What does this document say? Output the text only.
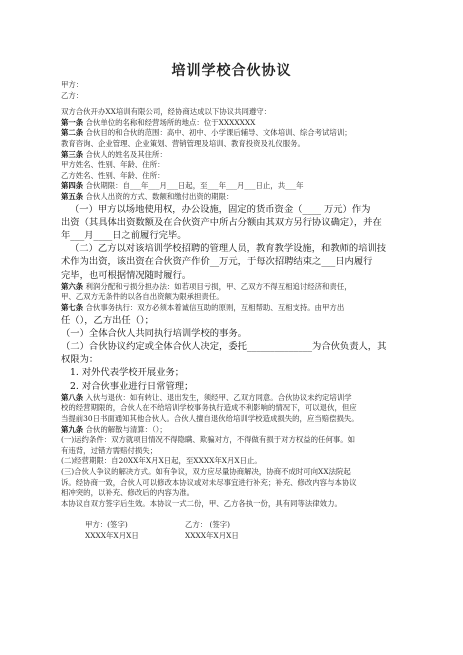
培训学校合伙协议

甲方：

乙方：

双方合伙开办XX培训有限公司，经协商达成以下协议共同遵守：

第一条 合伙单位的名称和经营场所的地点：位于XXXXXXX

第二条 合伙目的和合伙的范围：高中、初中、小学课后辅导、文体培训、综合考试培训；

教育咨询、企业管理、企业策划、营销管理及培训、教育投资及礼仪服务。

第三条 合伙人的姓名及其住所：

甲方姓名、性别、年龄、住所：

乙方姓名、性别、年龄、住所：

第四条 合伙期限：自___年___月___日起，至___年___月___日止，共___年

第五条 合伙人出资的方式、数额和缴付出资的期限：

（一）甲方以场地使用权，办公设施，固定的货币资金（____ 万元）作为

出资（其具体出资数额及在合伙资产中所占分额由其双方另行协议确定），并在

年___月____日之前履行完毕。

（二）乙方以对该培训学校招聘的管理人员，教育教学设施，和教师的培训技

术作为出资，该出资在合伙资产作价__万元，于每次招聘结束之___日内履行

完毕，也可根据情况随时履行。

第六条 利润分配和亏损分担办法：如若项目亏损，甲、乙双方不得互相追讨经济和责任，

甲、乙双方无条件的以各自出资额为限承担责任。

第七条 合伙事务执行：双方必须本着诚信互助的原则，互相帮助、互相支持。由甲方出

任（），乙方出任（）；

（一）全体合伙人共同执行培训学校的事务。

（二）合伙协议约定或全体合伙人决定，委托______________为合伙负责人，其

权限为：

1. 对外代表学校开展业务；

2. 对合伙事业进行日常管理；

第八条 入伙与退伙：如有转让、退出发生，须经甲、乙双方同意。合伙协议未约定培训学

校的经营期限的，合伙人在不给培训学校事务执行造成不利影响的情况下，可以退伙，但应

当提前30日书面通知其他合伙人。合伙人擅自退伙给培训学校造成损失的，应当赔偿损失。

第九条 合伙的解散与清算：（）；

(一)运约条件：双方就项目情况不得隐瞒、欺骗对方，不得做有损于对方权益的任何事。如

有违背，过错方需赔付损失；

(二)经营期限：自20XX年X月X日起，至XXXX年X月X日止。

(三)合伙人争议的解决方式。如有争议，双方应尽量协商解决，协商不成时可向XX法院起

诉。经协商一致，合伙人可以修改本协议或对未尽事宜进行补充；补充、修改内容与本协议

相冲突的，以补充、修改后的内容为准。

本协议自双方签字后生效。本协议一式二份，甲、乙方各执一份，具有同等法律效力。

甲方：(签字)	乙方： (签字)

XXXX年X月X日	XXXX年X月X日
